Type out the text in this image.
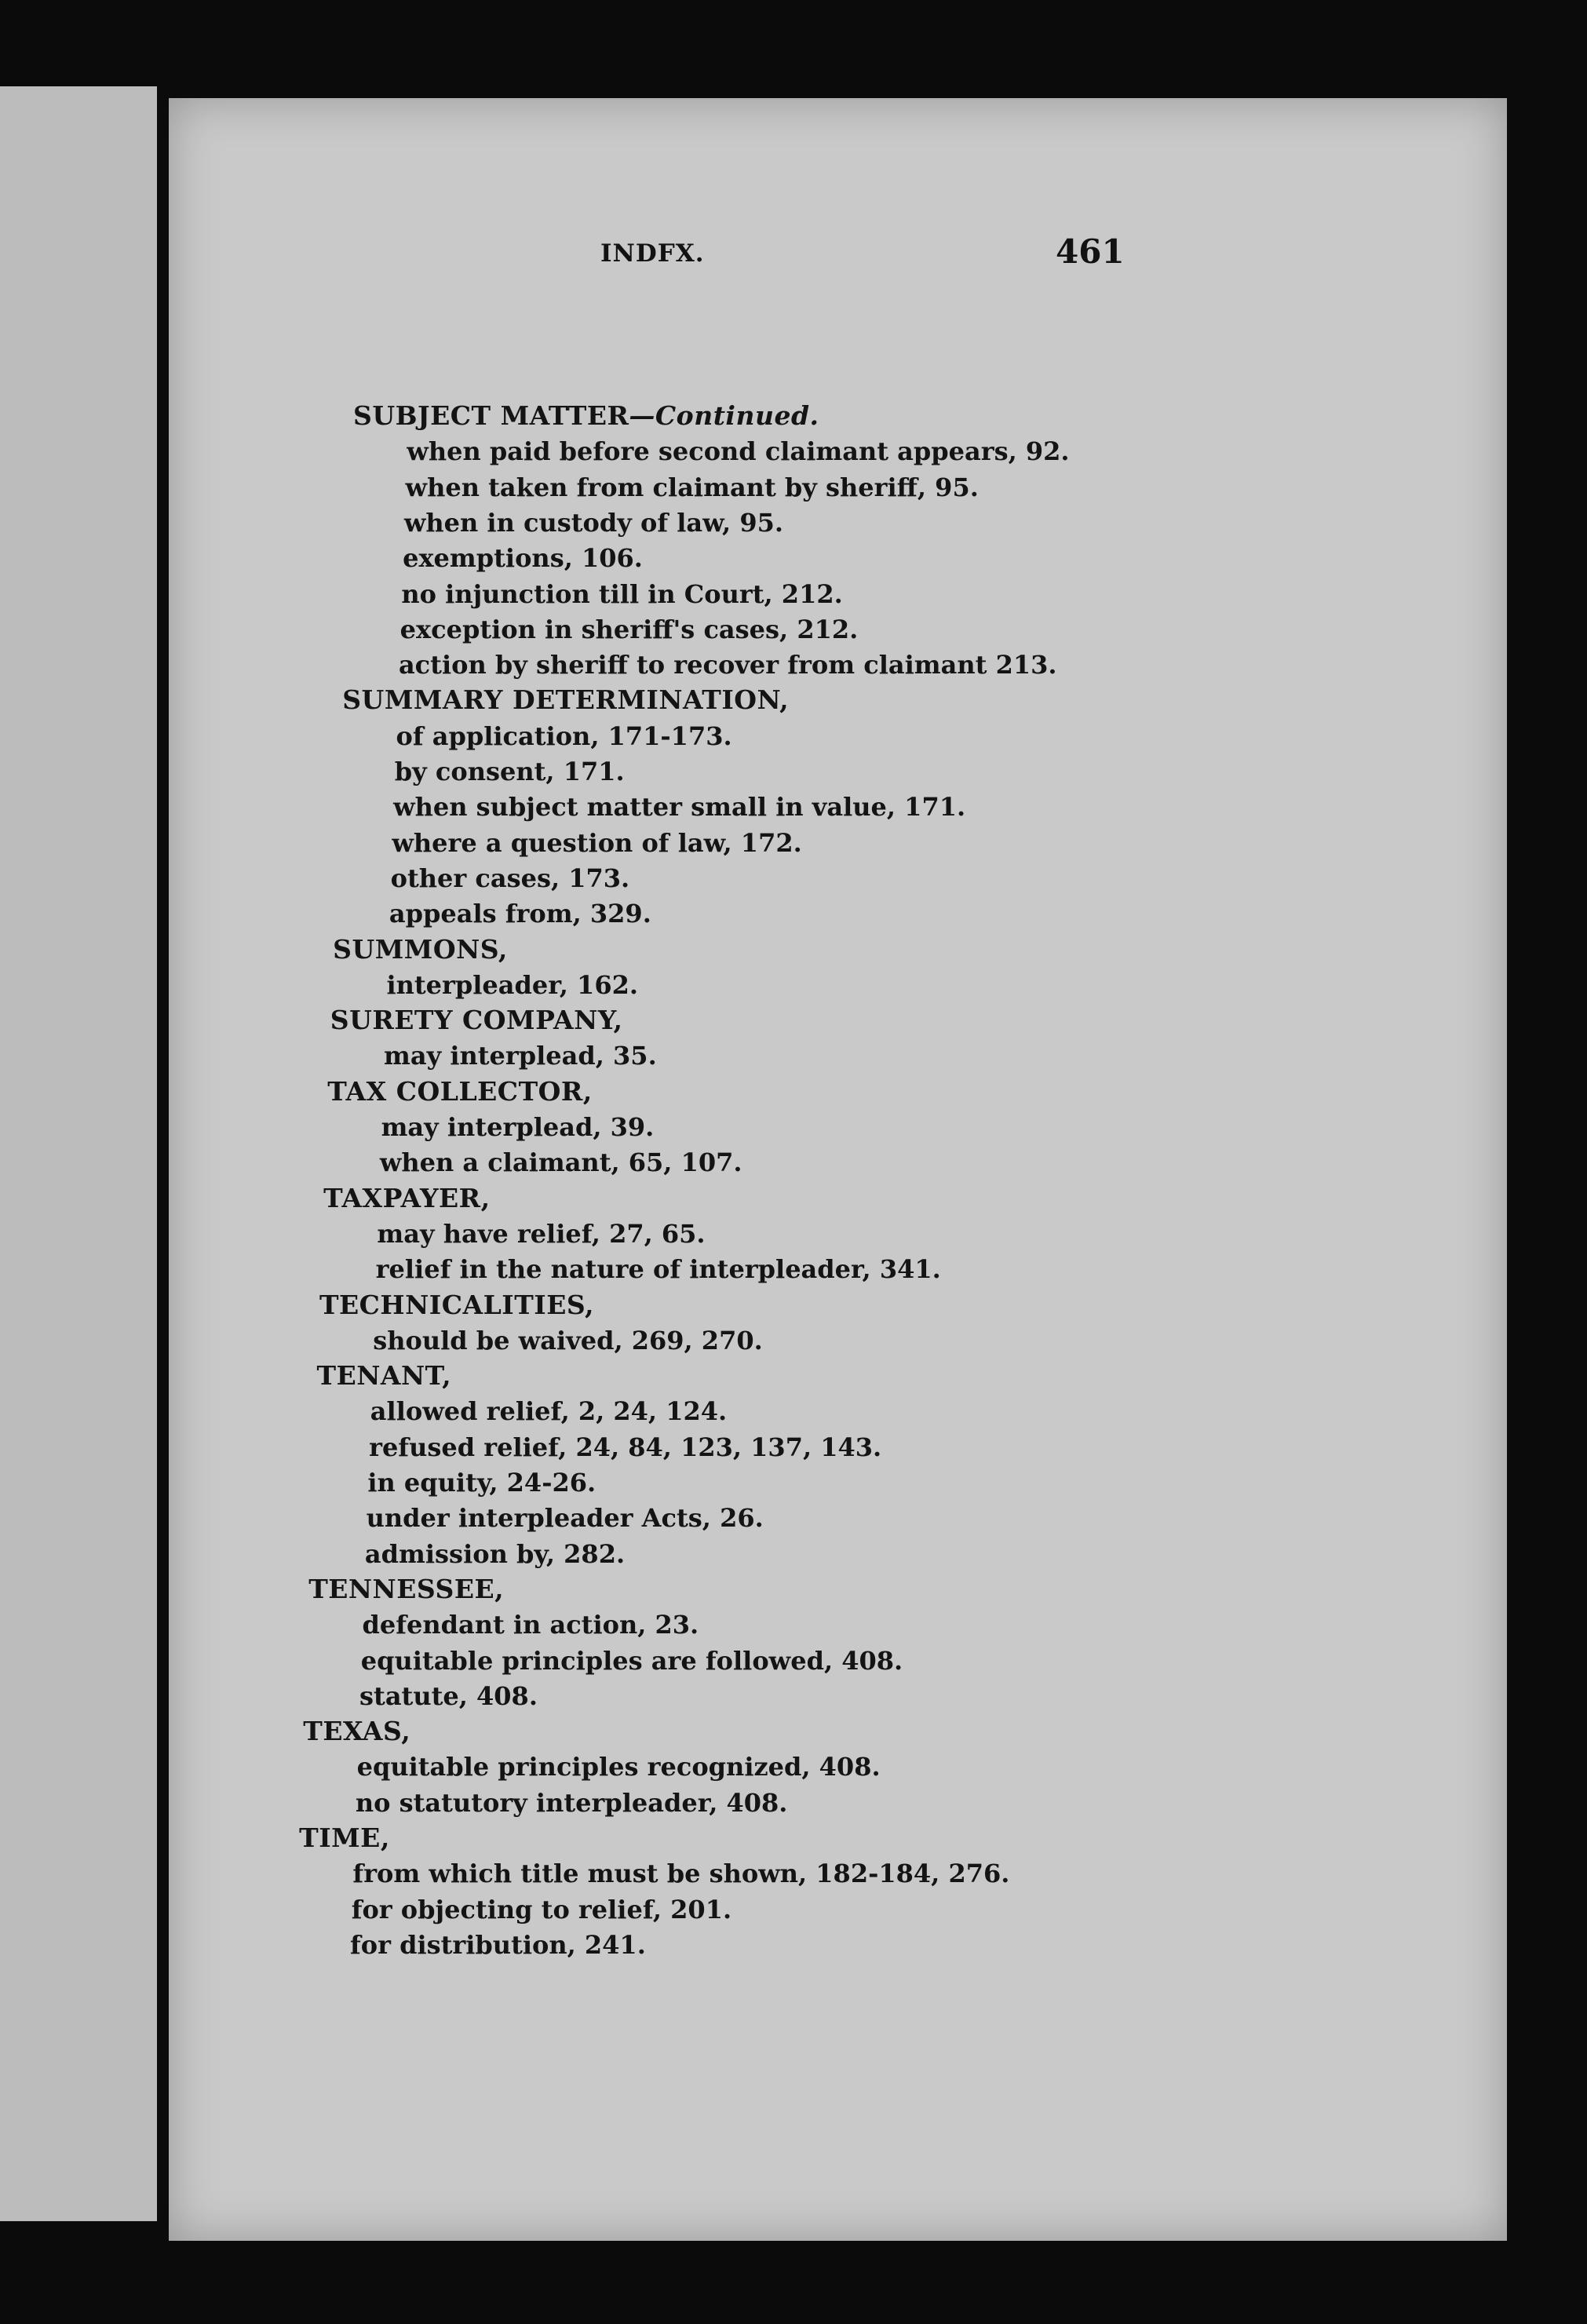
INDFX.	461
SUBJECT MATTER—Continued.
when paid before second claimant appears, 92.
when taken from claimant by sheriff, 95.
when in custody of law, 95.
exemptions, 106.
no injunction till in Court, 212.
exception in sheriff's cases, 212.
action by sheriff to recover from claimant 213.
SUMMARY DETERMINATION,
of application, 171-173.
by consent, 171.
when subject matter small in value, 171.
where a question of law, 172.
other cases, 173.
appeals from, 329.
SUMMONS,
interpleader, 162.
SURETY COMPANY,
may interplead, 35.
TAX COLLECTOR,
may interplead, 39.
when a claimant, 65, 107.
TAXPAYER,
may have relief, 27, 65.
relief in the nature of interpleader, 341.
TECHNICALITIES,
should be waived, 269, 270.
TENANT,
allowed relief, 2, 24, 124.
refused relief, 24, 84, 123, 137, 143.
in equity, 24-26.
under interpleader Acts, 26.
admission by, 282.
TENNESSEE,
defendant in action, 23.
equitable principles are followed, 408.
statute, 408.
TEXAS,
equitable principles recognized, 408.
no statutory interpleader, 408.
TIME,
from which title must be shown, 182-184, 276.
for objecting to relief, 201.
for distribution, 241.
